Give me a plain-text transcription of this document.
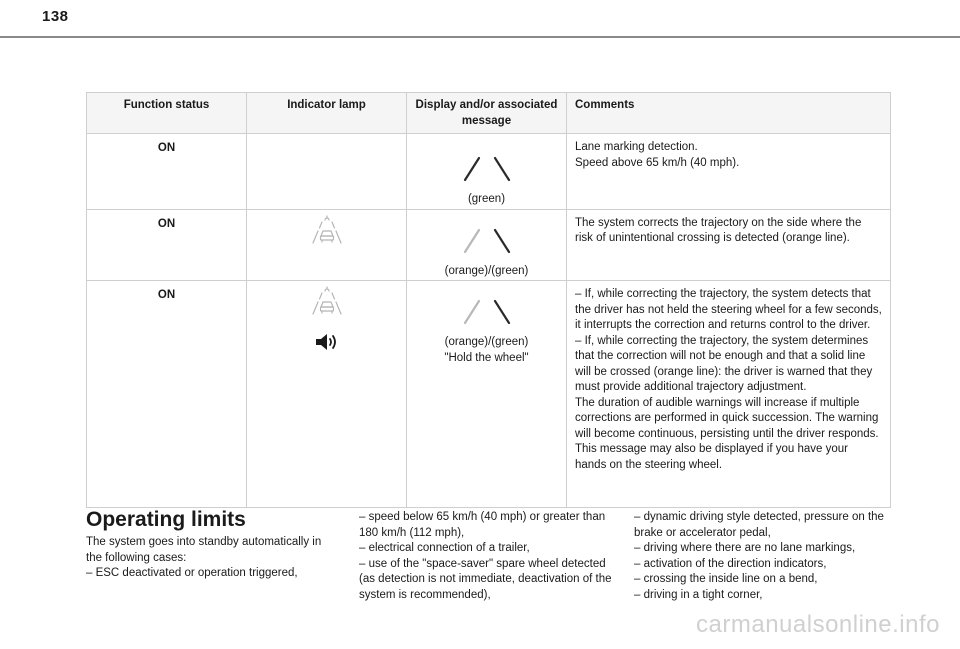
138
Function status	Indicator lamp	Display and/or associated message	Comments
ON		(green)	Lane marking detection.
Speed above 65 km/h (40 mph).

ON		(orange)/(green)	The system corrects the trajectory on the side where the risk of unintentional crossing is detected (orange line).

ON		(orange)/(green)
"Hold the wheel"	– If, while correcting the trajectory, the system detects that the driver has not held the steering wheel for a few seconds, it interrupts the correction and returns control to the driver.
– If, while correcting the trajectory, the system determines that the correction will not be enough and that a solid line will be crossed (orange line): the driver is warned that they must provide additional trajectory adjustment.
The duration of audible warnings will increase if multiple corrections are performed in quick succession. The warning will become continuous, persisting until the driver responds.
This message may also be displayed if you have your hands on the steering wheel.
Operating limits
The system goes into standby automatically in the following cases:
– ESC deactivated or operation triggered,
– speed below 65 km/h (40 mph) or greater than 180 km/h (112 mph),
– electrical connection of a trailer,
– use of the "space-saver" spare wheel detected (as detection is not immediate, deactivation of the system is recommended),
– dynamic driving style detected, pressure on the brake or accelerator pedal,
– driving where there are no lane markings,
– activation of the direction indicators,
– crossing the inside line on a bend,
– driving in a tight corner,
carmanualsonline.info
